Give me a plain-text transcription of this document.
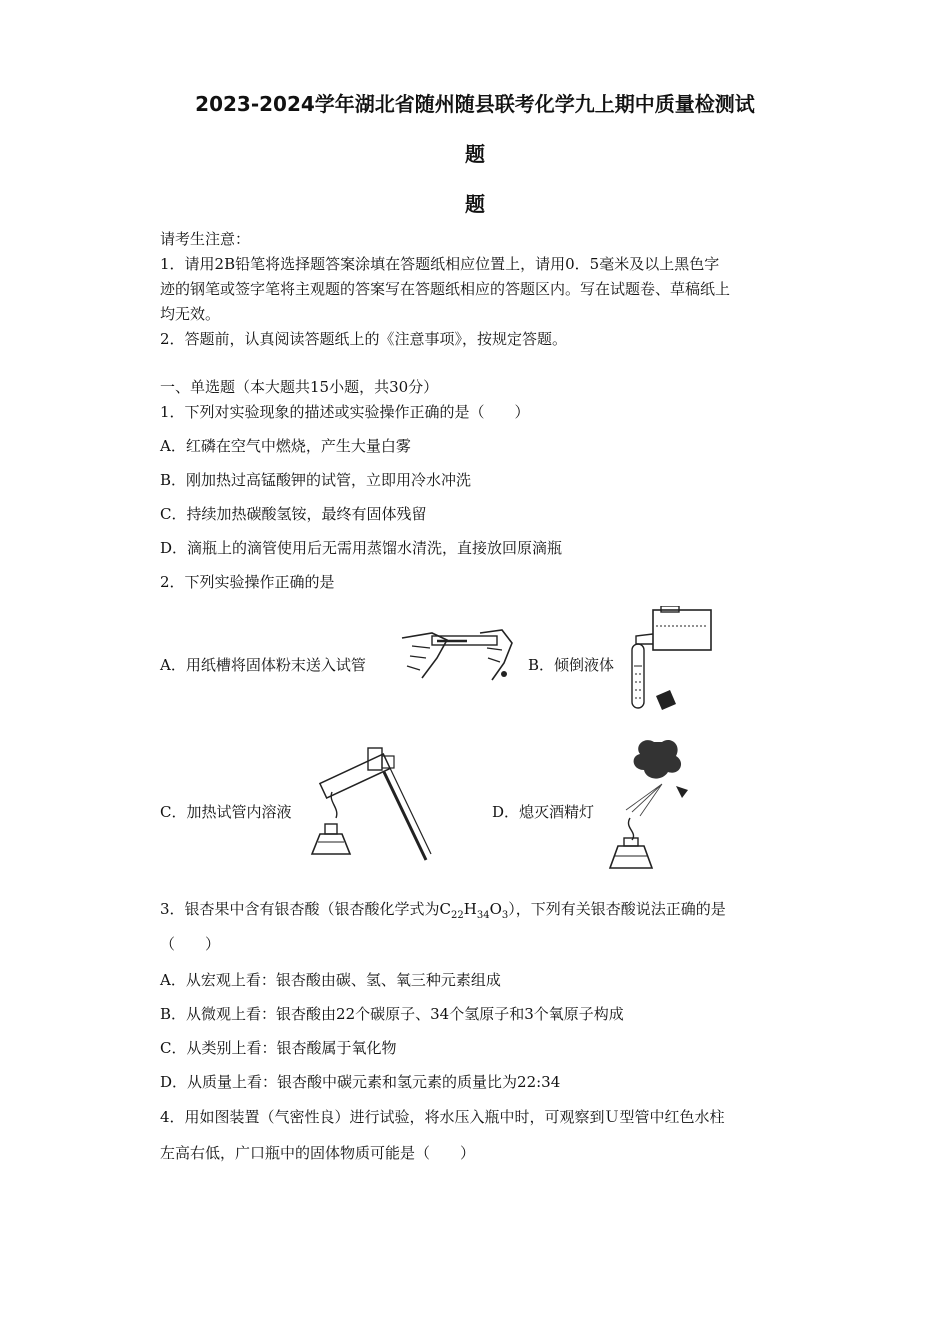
2023-2024学年湖北省随州随县联考化学九上期中质量检测试
题
题
请考生注意：
1．请用2B铅笔将选择题答案涂填在答题纸相应位置上，请用0．5毫米及以上黑色字
迹的钢笔或签字笔将主观题的答案写在答题纸相应的答题区内。写在试题卷、草稿纸上
均无效。
2．答题前，认真阅读答题纸上的《注意事项》，按规定答题。
一、单选题（本大题共15小题，共30分）
1．下列对实验现象的描述或实验操作正确的是（　　）
A．红磷在空气中燃烧，产生大量白雾
B．刚加热过高锰酸钾的试管，立即用冷水冲洗
C．持续加热碳酸氢铵，最终有固体残留
D．滴瓶上的滴管使用后无需用蒸馏水清洗，直接放回原滴瓶
2．下列实验操作正确的是
A．用纸槽将固体粉末送入试管	B．倾倒液体
C．加热试管内溶液	D．熄灭酒精灯
3．银杏果中含有银杏酸（银杏酸化学式为$C_{22}H_{34}O_3$），下列有关银杏酸说法正确的是
（　　）
A．从宏观上看：银杏酸由碳、氢、氧三种元素组成
B．从微观上看：银杏酸由22个碳原子、34个氢原子和3个氧原子构成
C．从类别上看：银杏酸属于氧化物
D．从质量上看：银杏酸中碳元素和氢元素的质量比为22:34
4．用如图装置（气密性良）进行试验，将水压入瓶中时，可观察到Ｕ型管中红色水柱
左高右低，广口瓶中的固体物质可能是（　　）
